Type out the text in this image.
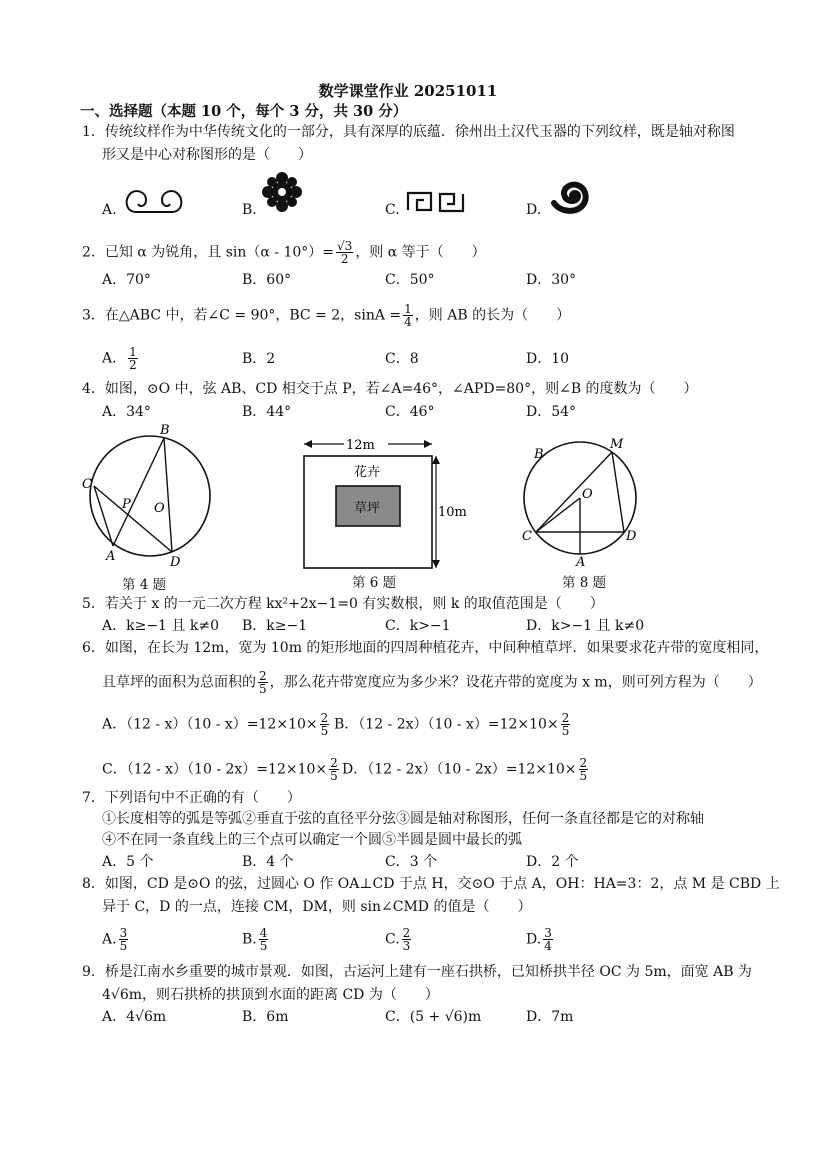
数学课堂作业 20251011
一、选择题（本题 10 个，每个 3 分，共 30 分）
1．传统纹样作为中华传统文化的一部分，具有深厚的底蕴．徐州出土汉代玉器的下列纹样，既是轴对称图
形又是中心对称图形的是（　　）
A.	B.	C.	D.
2．已知 α 为锐角，且 $\sin(\alpha - 10^\circ)= \frac{√3}{2}$ ，则 α 等于（　　）
A．70°	B．60°	C．50°	D．30°
3．在△ABC 中，若∠C = 90°，BC = 2，$\sin A = \frac{1}{4}$ ，则 AB 的长为（　　）
A． $\frac{1}{2}$	B．2	C．8	D．10
4．如图，⊙O 中，弦 AB、CD 相交于点 P，若∠A=46°，∠APD=80°，则∠B 的度数为（　　）
A．34°	B．44°	C．46°	D．54°
B
C
P O
A	D
第 4 题
12m
10m
花卉
草坪
第 6 题
B
M
O
C	D
A
第 8 题
5．若关于 x 的一元二次方程 kx²+2x−1=0 有实数根，则 k 的取值范围是（　　）
A．k≥−1 且 k≠0 B．k≥−1	C．k>−1	D．k>−1 且 k≠0
6．如图，在长为 12m，宽为 10m 的矩形地面的四周种植花卉，中间种植草坪．如果要求花卉带的宽度相同，
且草坪的面积为总面积的 $\frac{2}{5}$ ，那么花卉带宽度应为多少米？设花卉带的宽度为 x m，则可列方程为（　　）
A．$(12 - x)(10 - x)=12\times 10\times \frac{2}{5}$ B．$(12 - 2x)(10 - x)=12\times 10\times \frac{2}{5}$
C．$(12 - x)(10 - 2x)=12\times 10\times \frac{2}{5}$ D．$(12 - 2x)(10 - 2x)=12\times 10\times \frac{2}{5}$
7．下列语句中不正确的有（　　）
①长度相等的弧是等弧②垂直于弦的直径平分弦③圆是轴对称图形，任何一条直径都是它的对称轴
④不在同一条直线上的三个点可以确定一个圆⑤半圆是圆中最长的弧
A．5 个	B．4 个	C．3 个	D．2 个
8．如图，CD 是⊙O 的弦，过圆心 O 作 OA⊥CD 于点 H，交⊙O 于点 A，OH：HA=3：2，点 M 是 CBD 上
异于 C，D 的一点，连接 CM，DM，则 sin∠CMD 的值是（　　）
A. $\frac{3}{5}$	B. $\frac{4}{5}$	C. $\frac{2}{3}$	D. $\frac{3}{4}$
9．桥是江南水乡重要的城市景观．如图，古运河上建有一座石拱桥，已知桥拱半径 OC 为 5m，面宽 AB 为
4√6m，则石拱桥的拱顶到水面的距离 CD 为（　　）
A．4√6m	B．6m	C．(5 + √6)m	D．7m
